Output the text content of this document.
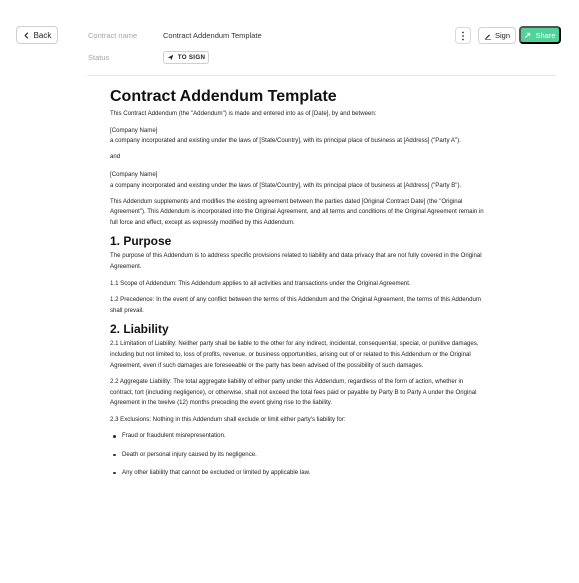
Back	Contract name	Contract Addendum Template
Status	TO SIGN
Sign	Share
Contract Addendum Template

This Contract Addendum (the "Addendum") is made and entered into as of [Date], by and between:

[Company Name]
a company incorporated and existing under the laws of [State/Country], with its principal place of business at [Address] ("Party A").

and

[Company Name]
a company incorporated and existing under the laws of [State/Country], with its principal place of business at [Address] ("Party B").

This Addendum supplements and modifies the existing agreement between the parties dated [Original Contract Date] (the "Original Agreement"). This Addendum is incorporated into the Original Agreement, and all terms and conditions of the Original Agreement remain in full force and effect, except as expressly modified by this Addendum.

1. Purpose

The purpose of this Addendum is to address specific provisions related to liability and data privacy that are not fully covered in the Original Agreement.

1.1 Scope of Addendum: This Addendum applies to all activities and transactions under the Original Agreement.

1.2 Precedence: In the event of any conflict between the terms of this Addendum and the Original Agreement, the terms of this Addendum shall prevail.

2. Liability

2.1 Limitation of Liability: Neither party shall be liable to the other for any indirect, incidental, consequential, special, or punitive damages, including but not limited to, loss of profits, revenue, or business opportunities, arising out of or related to this Addendum or the Original Agreement, even if such damages are foreseeable or the party has been advised of the possibility of such damages.

2.2 Aggregate Liability: The total aggregate liability of either party under this Addendum, regardless of the form of action, whether in contract, tort (including negligence), or otherwise, shall not exceed the total fees paid or payable by Party B to Party A under the Original Agreement in the twelve (12) months preceding the event giving rise to the liability.

2.3 Exclusions: Nothing in this Addendum shall exclude or limit either party's liability for:

Fraud or fraudulent misrepresentation.
Death or personal injury caused by its negligence.
Any other liability that cannot be excluded or limited by applicable law.
